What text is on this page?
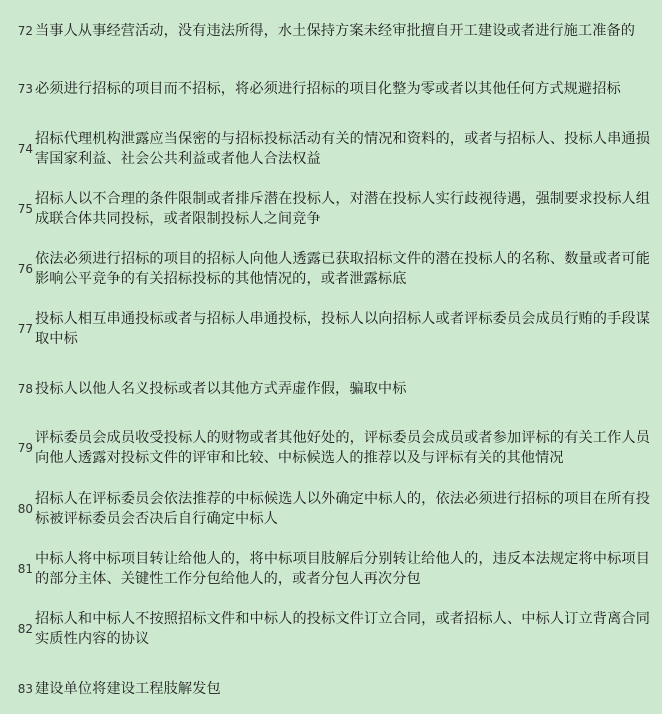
72 当事人从事经营活动，没有违法所得，水土保持方案未经审批擅自开工建设或者进行施工准备的
73 必须进行招标的项目而不招标，将必须进行招标的项目化整为零或者以其他任何方式规避招标
74
招标代理机构泄露应当保密的与招标投标活动有关的情况和资料的，或者与招标人、投标人串通损害国家利益、社会公共利益或者他人合法权益
75
招标人以不合理的条件限制或者排斥潜在投标人，对潜在投标人实行歧视待遇，强制要求投标人组成联合体共同投标，或者限制投标人之间竞争
76
依法必须进行招标的项目的招标人向他人透露已获取招标文件的潜在投标人的名称、数量或者可能影响公平竞争的有关招标投标的其他情况的，或者泄露标底
77
投标人相互串通投标或者与招标人串通投标，投标人以向招标人或者评标委员会成员行贿的手段谋取中标
78 投标人以他人名义投标或者以其他方式弄虚作假，骗取中标
79
评标委员会成员收受投标人的财物或者其他好处的，评标委员会成员或者参加评标的有关工作人员向他人透露对投标文件的评审和比较、中标候选人的推荐以及与评标有关的其他情况
80
招标人在评标委员会依法推荐的中标候选人以外确定中标人的，依法必须进行招标的项目在所有投标被评标委员会否决后自行确定中标人
81
中标人将中标项目转让给他人的，将中标项目肢解后分别转让给他人的，违反本法规定将中标项目的部分主体、关键性工作分包给他人的，或者分包人再次分包
82
招标人和中标人不按照招标文件和中标人的投标文件订立合同，或者招标人、中标人订立背离合同实质性内容的协议
83 建设单位将建设工程肢解发包
